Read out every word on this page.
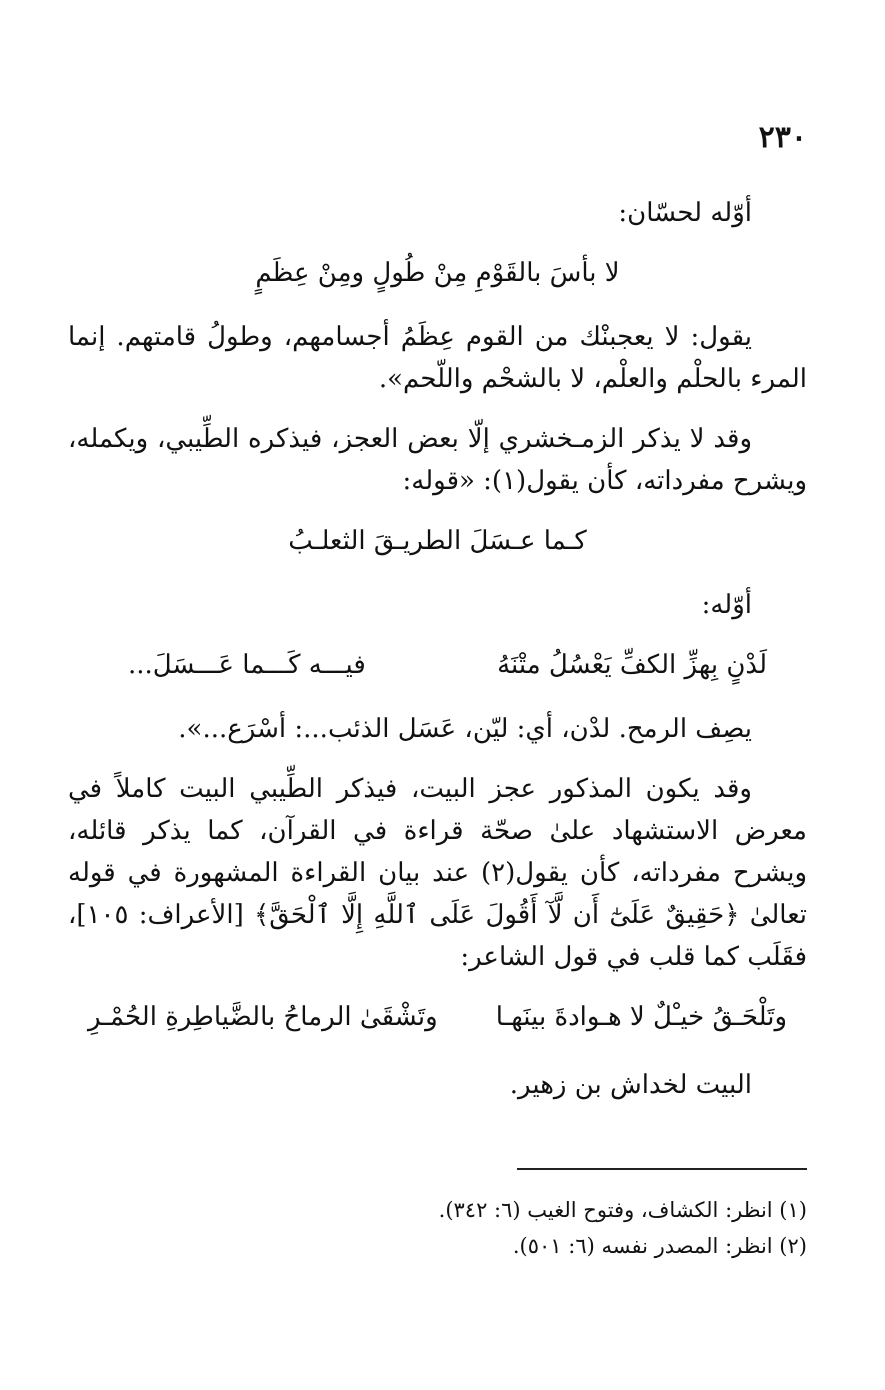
٢٣٠

أوّله لحسّان:

لا بأسَ بالقَوْمِ مِنْ طُولٍ ومِنْ عِظَمٍ

يقول: لا يعجبنْك من القوم عِظَمُ أجسامهم، وطولُ قامتهم. إنما المرء بالحلْم والعلْم، لا بالشحْم واللّحم».

وقد لا يذكر الزمـخشري إلّا بعض العجز، فيذكره الطِّيبي، ويكمله، ويشرح مفرداته، كأن يقول(١): «قوله:

كـما عـسَلَ الطريـقَ الثعلـبُ

أوّله:

لَدْنٍ بِهزِّ الكفِّ يَعْسُلُ متْنَهُ
فيـــه كَـــما عَـــسَلَ...

يصِف الرمح. لدْن، أي: ليّن، عَسَل الذئب...: أسْرَع...».

وقد يكون المذكور عجز البيت، فيذكر الطِّيبي البيت كاملاً في معرض الاستشهاد علىٰ صحّة قراءة في القرآن، كما يذكر قائله، ويشرح مفرداته، كأن يقول(٢) عند بيان القراءة المشهورة في قوله تعالىٰ ﴿حَقِيقٌ عَلَىٰٓ أَن لَّآ أَقُولَ عَلَى ٱللَّهِ إِلَّا ٱلْحَقَّ﴾ [الأعراف: ١٠٥]، فقَلَب كما قلب في قول الشاعر:

وتَلْحَـقُ خيـْلٌ لا هـوادةَ بينَهـا
وتَشْقَىٰ الرماحُ بالضَّياطِرةِ الحُمْـرِ

البيت لخداش بن زهير.

(١) انظر: الكشاف، وفتوح الغيب (٦: ٣٤٢).

(٢) انظر: المصدر نفسه (٦: ٥٠١).
